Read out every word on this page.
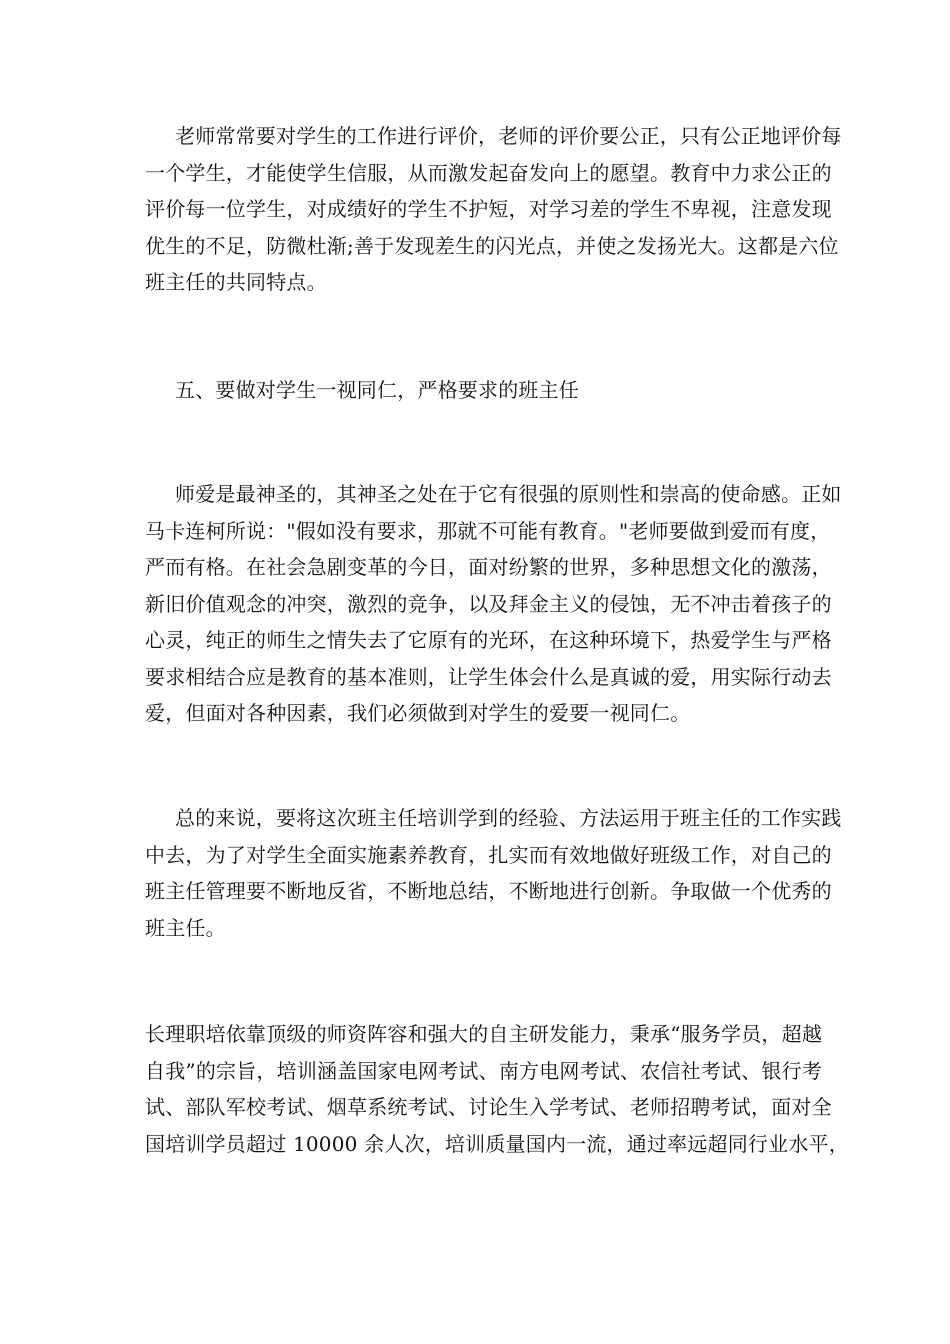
老师常常要对学生的工作进行评价，老师的评价要公正，只有公正地评价每
一个学生，才能使学生信服，从而激发起奋发向上的愿望。教育中力求公正的
评价每一位学生，对成绩好的学生不护短，对学习差的学生不卑视，注意发现
优生的不足，防微杜渐;善于发现差生的闪光点，并使之发扬光大。这都是六位
班主任的共同特点。
五、要做对学生一视同仁，严格要求的班主任
师爱是最神圣的，其神圣之处在于它有很强的原则性和崇高的使命感。正如
马卡连柯所说："假如没有要求，那就不可能有教育。"老师要做到爱而有度，
严而有格。在社会急剧变革的今日，面对纷繁的世界，多种思想文化的激荡，
新旧价值观念的冲突，激烈的竞争，以及拜金主义的侵蚀，无不冲击着孩子的
心灵，纯正的师生之情失去了它原有的光环，在这种环境下，热爱学生与严格
要求相结合应是教育的基本准则，让学生体会什么是真诚的爱，用实际行动去
爱，但面对各种因素，我们必须做到对学生的爱要一视同仁。
总的来说，要将这次班主任培训学到的经验、方法运用于班主任的工作实践
中去，为了对学生全面实施素养教育，扎实而有效地做好班级工作，对自己的
班主任管理要不断地反省，不断地总结，不断地进行创新。争取做一个优秀的
班主任。
长理职培依靠顶级的师资阵容和强大的自主研发能力，秉承“服务学员，超越
自我”的宗旨，培训涵盖国家电网考试、南方电网考试、农信社考试、银行考
试、部队军校考试、烟草系统考试、讨论生入学考试、老师招聘考试，面对全
国培训学员超过 10000 余人次，培训质量国内一流，通过率远超同行业水平，
